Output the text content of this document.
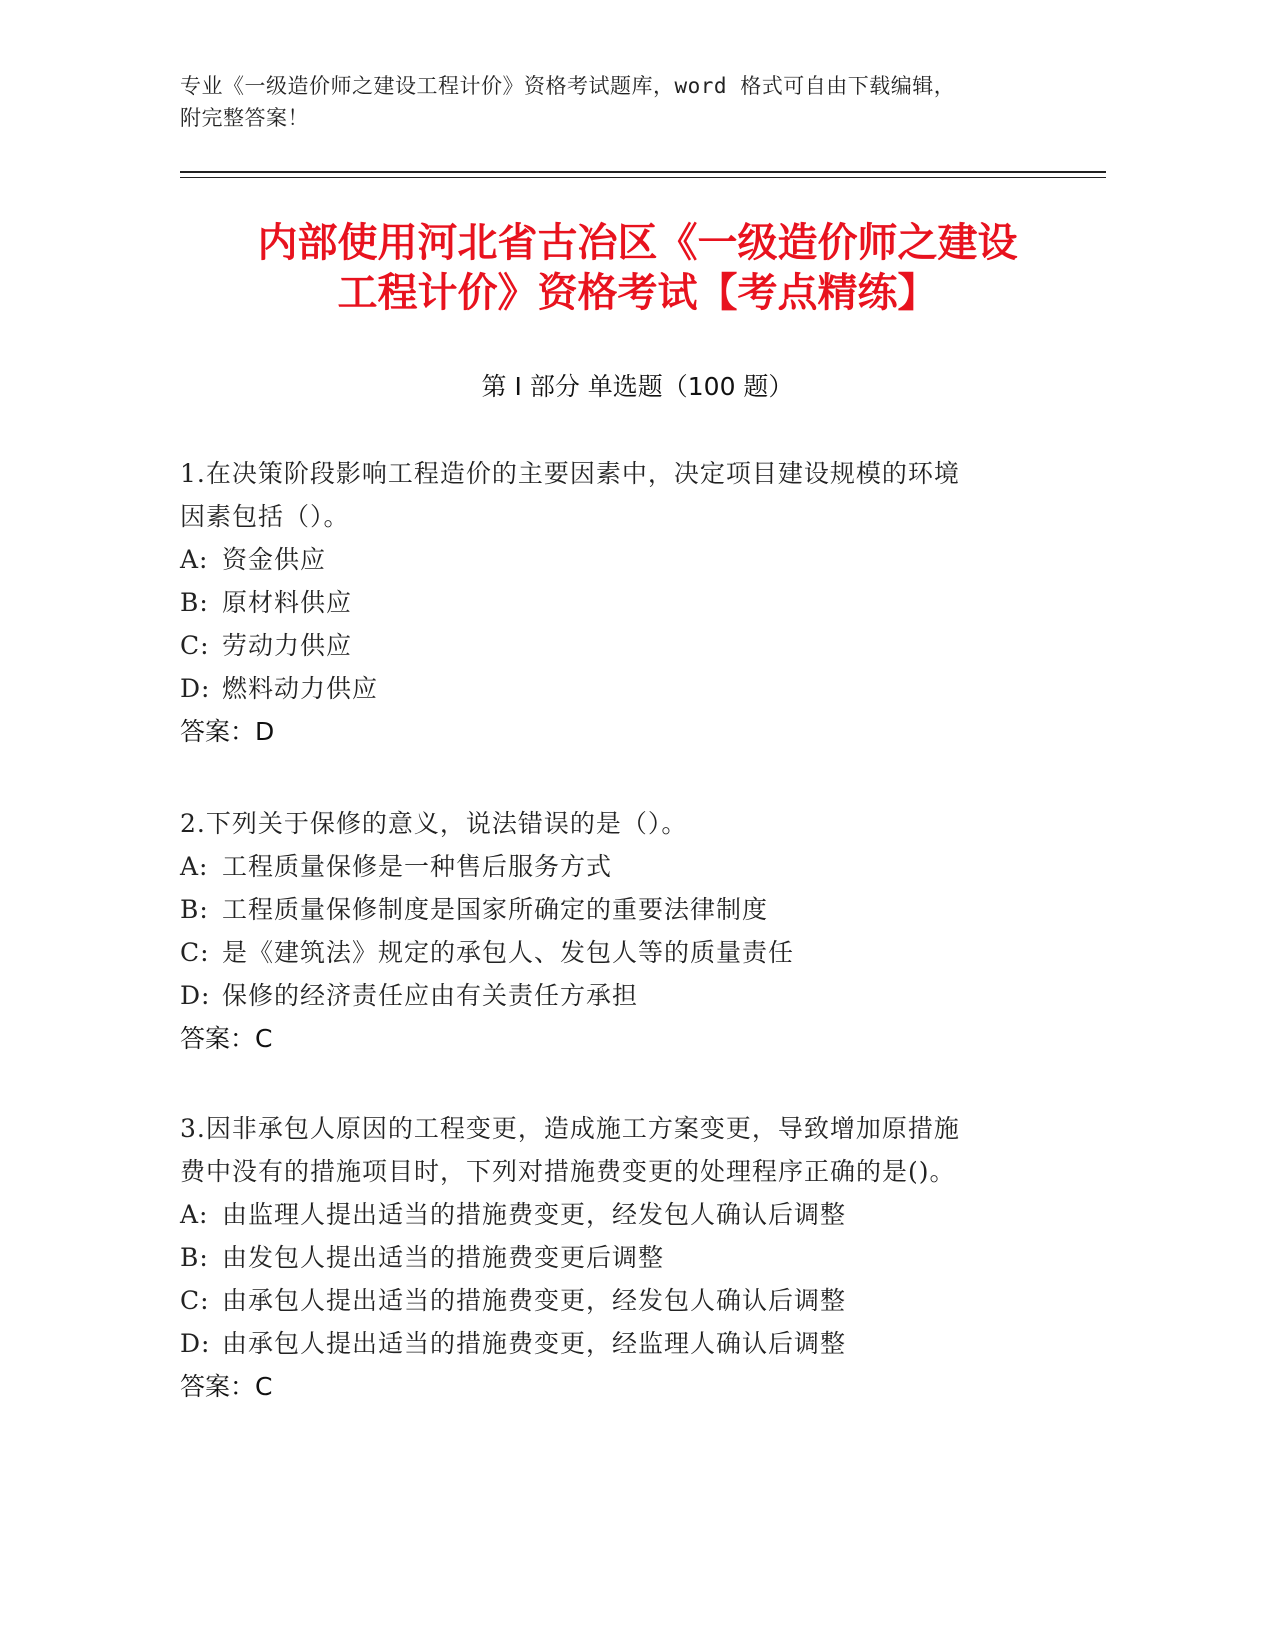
专业《一级造价师之建设工程计价》资格考试题库，word 格式可自由下载编辑，
附完整答案！
内部使用河北省古冶区《一级造价师之建设
工程计价》资格考试【考点精练】
第 I 部分 单选题（100 题）
1.在决策阶段影响工程造价的主要因素中，决定项目建设规模的环境
因素包括（）。
A: 资金供应
B: 原材料供应
C: 劳动力供应
D: 燃料动力供应
答案：D
2.下列关于保修的意义，说法错误的是（）。
A: 工程质量保修是一种售后服务方式
B: 工程质量保修制度是国家所确定的重要法律制度
C: 是《建筑法》规定的承包人、发包人等的质量责任
D: 保修的经济责任应由有关责任方承担
答案：C
3.因非承包人原因的工程变更，造成施工方案变更，导致增加原措施
费中没有的措施项目时，下列对措施费变更的处理程序正确的是()。
A: 由监理人提出适当的措施费变更，经发包人确认后调整
B: 由发包人提出适当的措施费变更后调整
C: 由承包人提出适当的措施费变更，经发包人确认后调整
D: 由承包人提出适当的措施费变更，经监理人确认后调整
答案：C
